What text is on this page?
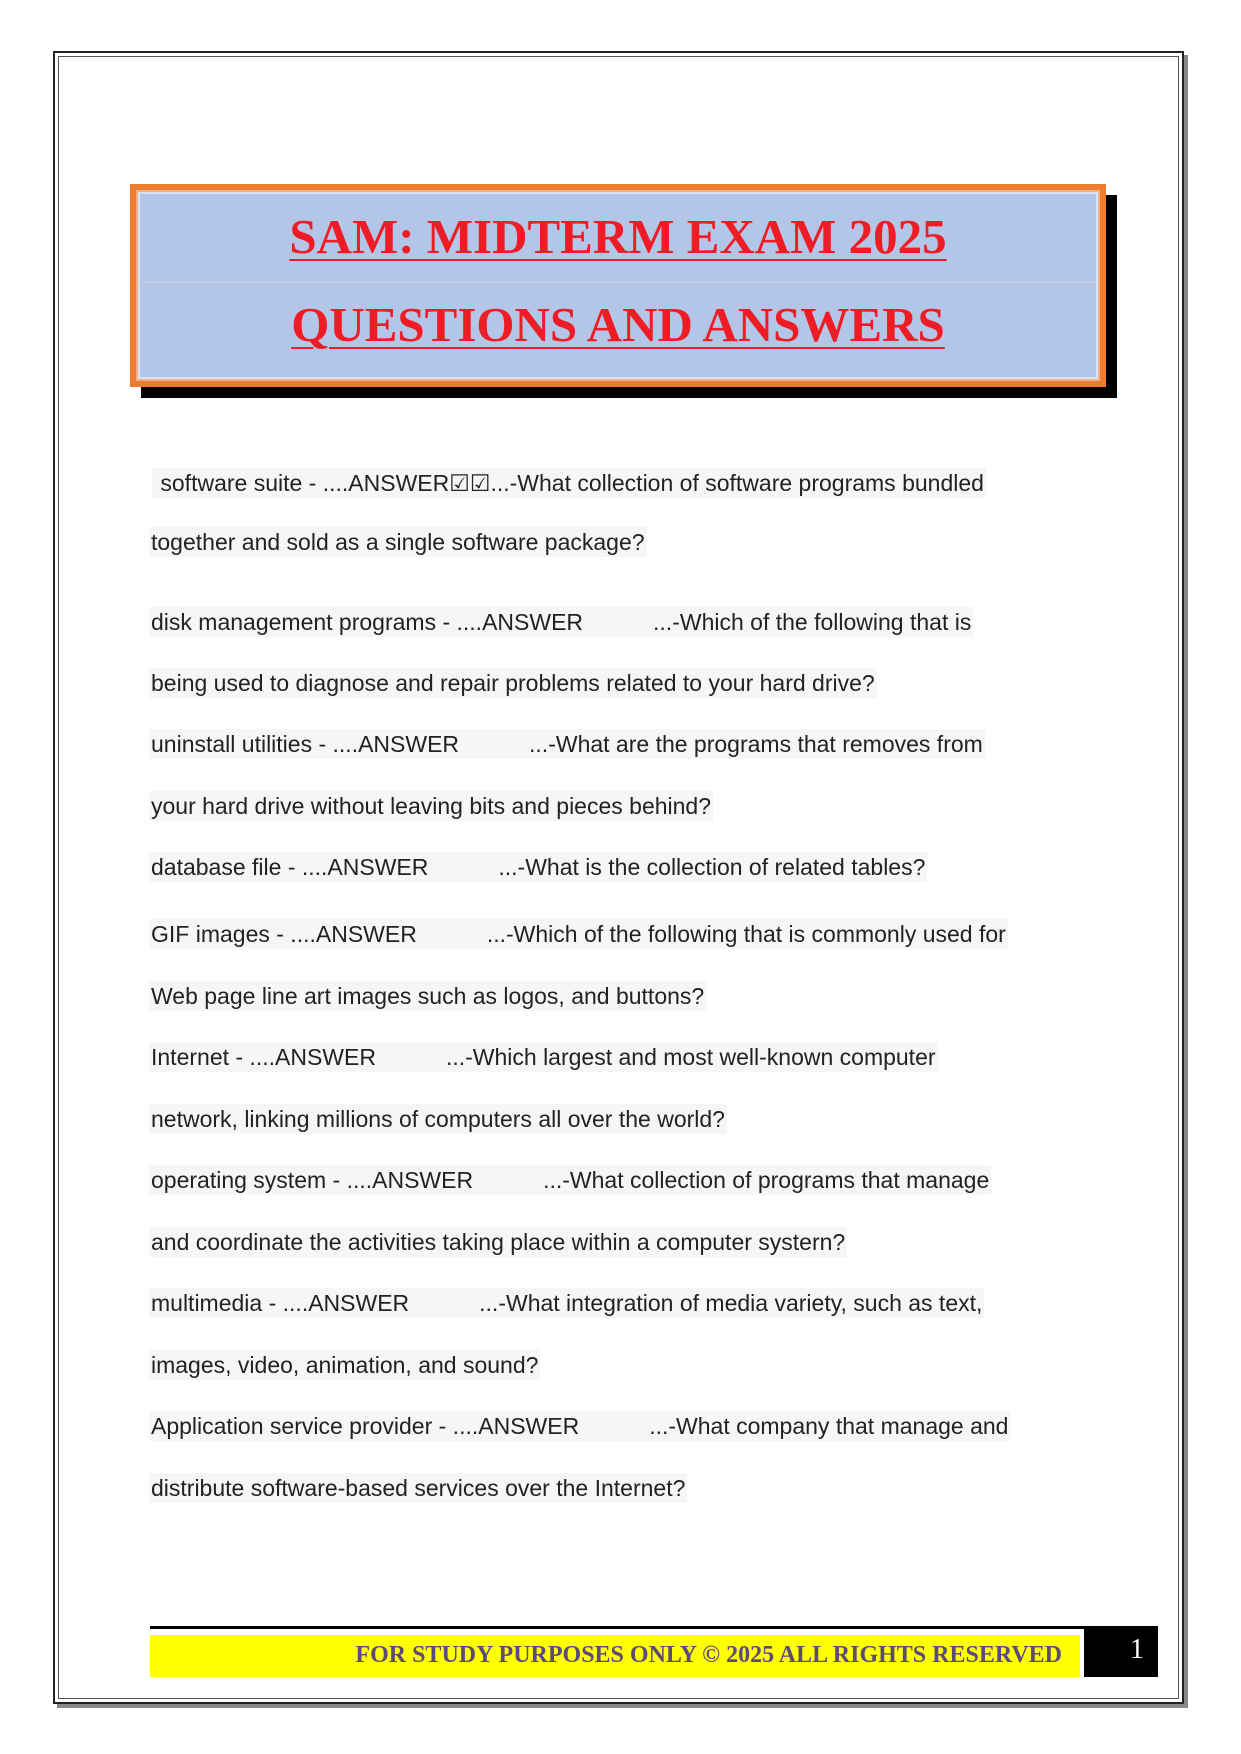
SAM: MIDTERM EXAM 2025
QUESTIONS AND ANSWERS
software suite - ....ANSWER☑☑...-What collection of software programs bundled
together and sold as a single software package?
disk management programs - ....ANSWER	...-Which of the following that is
being used to diagnose and repair problems related to your hard drive?
uninstall utilities - ....ANSWER	...-What are the programs that removes from
your hard drive without leaving bits and pieces behind?
database file - ....ANSWER	...-What is the collection of related tables?
GIF images - ....ANSWER	...-Which of the following that is commonly used for
Web page line art images such as logos, and buttons?
Internet - ....ANSWER	...-Which largest and most well-known computer
network, linking millions of computers all over the world?
operating system - ....ANSWER	...-What collection of programs that manage
and coordinate the activities taking place within a computer systern?
multimedia - ....ANSWER	...-What integration of media variety, such as text,
images, video, animation, and sound?
Application service provider - ....ANSWER	...-What company that manage and
distribute software-based services over the Internet?
FOR STUDY PURPOSES ONLY © 2025 ALL RIGHTS RESERVED	1
